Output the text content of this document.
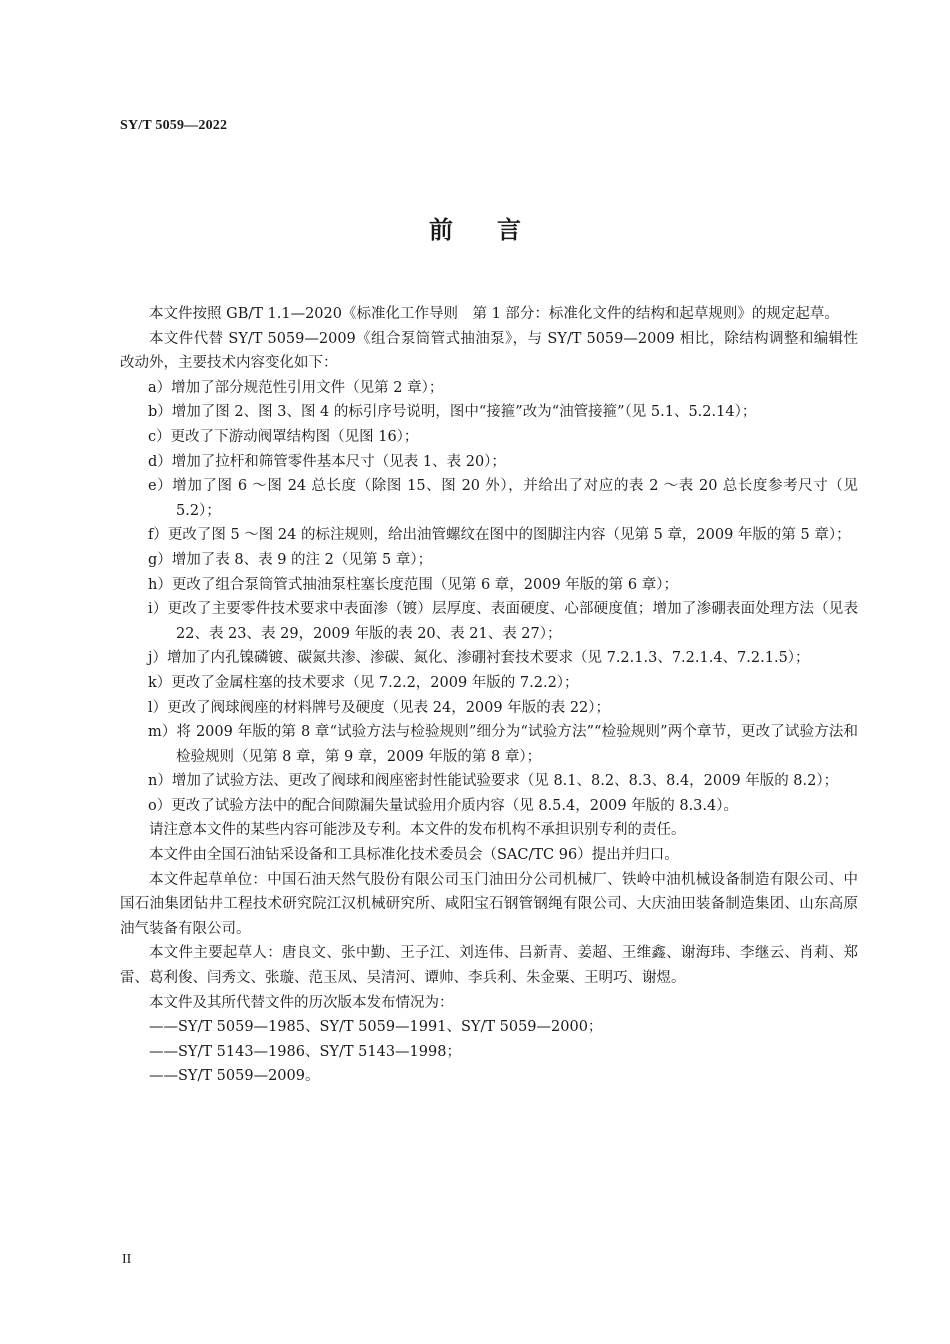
SY/T 5059—2022
前言

本文件按照 GB/T 1.1—2020《标准化工作导则　第 1 部分：标准化文件的结构和起草规则》的规定起草。

本文件代替 SY/T 5059—2009《组合泵筒管式抽油泵》，与 SY/T 5059—2009 相比，除结构调整和编辑性改动外，主要技术内容变化如下：

a）增加了部分规范性引用文件（见第 2 章）；

b）增加了图 2、图 3、图 4 的标引序号说明，图中“接箍”改为“油管接箍”（见 5.1、5.2.14）；

c）更改了下游动阀罩结构图（见图 16）；

d）增加了拉杆和筛管零件基本尺寸（见表 1、表 20）；

e）增加了图 6 ～图 24 总长度（除图 15、图 20 外），并给出了对应的表 2 ～表 20 总长度参考尺寸（见 5.2）；

f）更改了图 5 ～图 24 的标注规则，给出油管螺纹在图中的图脚注内容（见第 5 章，2009 年版的第 5 章）；

g）增加了表 8、表 9 的注 2（见第 5 章）；

h）更改了组合泵筒管式抽油泵柱塞长度范围（见第 6 章，2009 年版的第 6 章）；

i）更改了主要零件技术要求中表面渗（镀）层厚度、表面硬度、心部硬度值；增加了渗硼表面处理方法（见表 22、表 23、表 29，2009 年版的表 20、表 21、表 27）；

j）增加了内孔镍磷镀、碳氮共渗、渗碳、氮化、渗硼衬套技术要求（见 7.2.1.3、7.2.1.4、7.2.1.5）；

k）更改了金属柱塞的技术要求（见 7.2.2，2009 年版的 7.2.2）；

l）更改了阀球阀座的材料牌号及硬度（见表 24，2009 年版的表 22）；

m）将 2009 年版的第 8 章“试验方法与检验规则”细分为“试验方法”“检验规则”两个章节，更改了试验方法和检验规则（见第 8 章，第 9 章，2009 年版的第 8 章）；

n）增加了试验方法、更改了阀球和阀座密封性能试验要求（见 8.1、8.2、8.3、8.4，2009 年版的 8.2）；

o）更改了试验方法中的配合间隙漏失量试验用介质内容（见 8.5.4，2009 年版的 8.3.4）。

请注意本文件的某些内容可能涉及专利。本文件的发布机构不承担识别专利的责任。

本文件由全国石油钻采设备和工具标准化技术委员会（SAC/TC 96）提出并归口。

本文件起草单位：中国石油天然气股份有限公司玉门油田分公司机械厂、铁岭中油机械设备制造有限公司、中国石油集团钻井工程技术研究院江汉机械研究所、咸阳宝石钢管钢绳有限公司、大庆油田装备制造集团、山东高原油气装备有限公司。

本文件主要起草人：唐良文、张中勤、王子江、刘连伟、吕新青、姜超、王维鑫、谢海玮、李继云、肖莉、郑雷、葛利俊、闫秀文、张璇、范玉凤、吴清河、谭帅、李兵利、朱金粟、王明巧、谢煜。

本文件及其所代替文件的历次版本发布情况为：

——SY/T 5059—1985、SY/T 5059—1991、SY/T 5059—2000；

——SY/T 5143—1986、SY/T 5143—1998；

——SY/T 5059—2009。

II
